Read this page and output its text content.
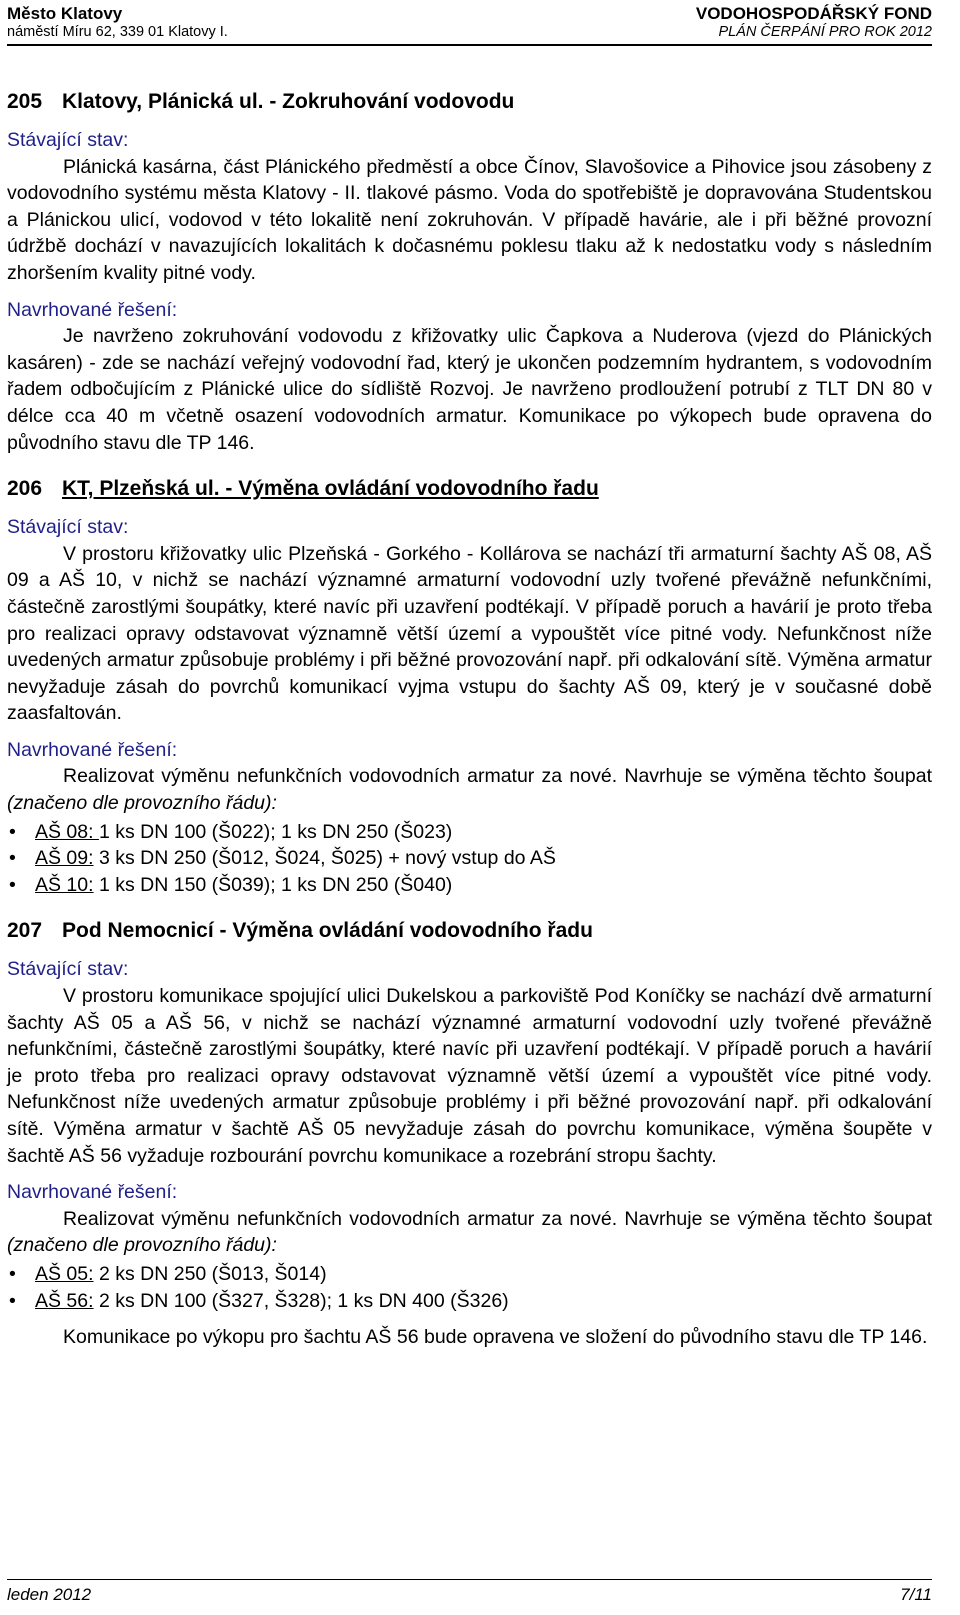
Město Klatovy
náměstí Míru 62, 339 01 Klatovy I.
VODOHOSPODÁŘSKÝ FOND
PLÁN ČERPÁNÍ PRO ROK 2012
205 Klatovy, Plánická ul. - Zokruhování vodovodu
Stávající stav:

Plánická kasárna, část Plánického předměstí a obce Čínov, Slavošovice a Pihovice jsou zásobeny z vodovodního systému města Klatovy - II. tlakové pásmo. Voda do spotřebiště je dopravována Studentskou a Plánickou ulicí, vodovod v této lokalitě není zokruhován. V případě havárie, ale i při běžné provozní údržbě dochází v navazujících lokalitách k dočasnému poklesu tlaku až k nedostatku vody s následním zhoršením kvality pitné vody.

Navrhované řešení:

Je navrženo zokruhování vodovodu z křižovatky ulic Čapkova a Nuderova (vjezd do Plánických kasáren) - zde se nachází veřejný vodovodní řad, který je ukončen podzemním hydrantem, s vodovodním řadem odbočujícím z Plánické ulice do sídliště Rozvoj. Je navrženo prodloužení potrubí z TLT DN 80 v délce cca 40 m včetně osazení vodovodních armatur. Komunikace po výkopech bude opravena do původního stavu dle TP 146.

206 KT, Plzeňská ul. - Výměna ovládání vodovodního řadu
Stávající stav:

V prostoru křižovatky ulic Plzeňská - Gorkého - Kollárova se nachází tři armaturní šachty AŠ 08, AŠ 09 a AŠ 10, v nichž se nachází významné armaturní vodovodní uzly tvořené převážně nefunkčními, částečně zarostlými šoupátky, které navíc při uzavření podtékají. V případě poruch a havárií je proto třeba pro realizaci opravy odstavovat významně větší území a vypouštět více pitné vody. Nefunkčnost níže uvedených armatur způsobuje problémy i při běžné provozování např. při odkalování sítě. Výměna armatur nevyžaduje zásah do povrchů komunikací vyjma vstupu do šachty AŠ 09, který je v současné době zaasfaltován.

Navrhované řešení:

Realizovat výměnu nefunkčních vodovodních armatur za nové. Navrhuje se výměna těchto šoupat (značeno dle provozního řádu):

• AŠ 08: 1 ks DN 100 (Š022); 1 ks DN 250 (Š023)
• AŠ 09: 3 ks DN 250 (Š012, Š024, Š025) + nový vstup do AŠ
• AŠ 10: 1 ks DN 150 (Š039); 1 ks DN 250 (Š040)
207 Pod Nemocnicí - Výměna ovládání vodovodního řadu
Stávající stav:

V prostoru komunikace spojující ulici Dukelskou a parkoviště Pod Koníčky se nachází dvě armaturní šachty AŠ 05 a AŠ 56, v nichž se nachází významné armaturní vodovodní uzly tvořené převážně nefunkčními, částečně zarostlými šoupátky, které navíc při uzavření podtékají. V případě poruch a havárií je proto třeba pro realizaci opravy odstavovat významně větší území a vypouštět více pitné vody. Nefunkčnost níže uvedených armatur způsobuje problémy i při běžné provozování např. při odkalování sítě. Výměna armatur v šachtě AŠ 05 nevyžaduje zásah do povrchu komunikace, výměna šoupěte v šachtě AŠ 56 vyžaduje rozbourání povrchu komunikace a rozebrání stropu šachty.

Navrhované řešení:

Realizovat výměnu nefunkčních vodovodních armatur za nové. Navrhuje se výměna těchto šoupat (značeno dle provozního řádu):

• AŠ 05: 2 ks DN 250 (Š013, Š014)
• AŠ 56: 2 ks DN 100 (Š327, Š328); 1 ks DN 400 (Š326)

Komunikace po výkopu pro šachtu AŠ 56 bude opravena ve složení do původního stavu dle TP 146.

leden 2012	7/11
